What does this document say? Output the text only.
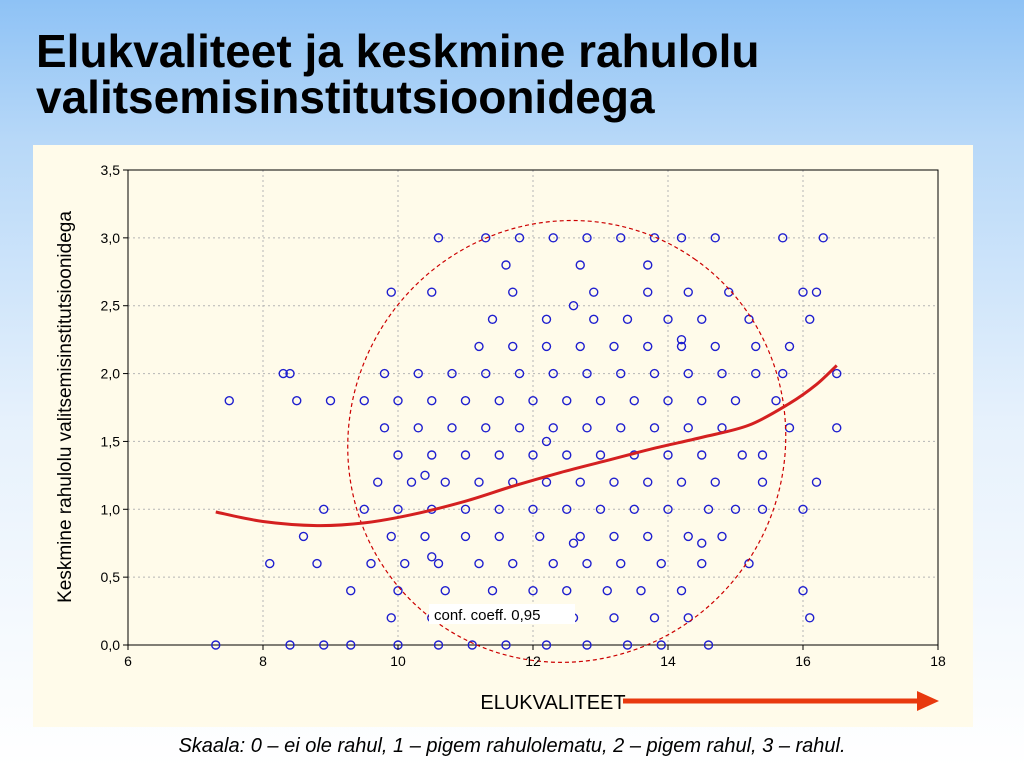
Elukvaliteet ja keskmine rahulolu
valitsemisinstitutsioonidega
6	8	10	12	14	16	18
0,0
0,5
1,0
1,5
2,0
2,5
3,0
3,5
conf. coeff. 0,95
Keskmine rahulolu valitsemisinstitutsioonidega
ELUKVALITEET
Skaala: 0 – ei ole rahul, 1 – pigem rahulolematu, 2 – pigem rahul, 3 – rahul.
